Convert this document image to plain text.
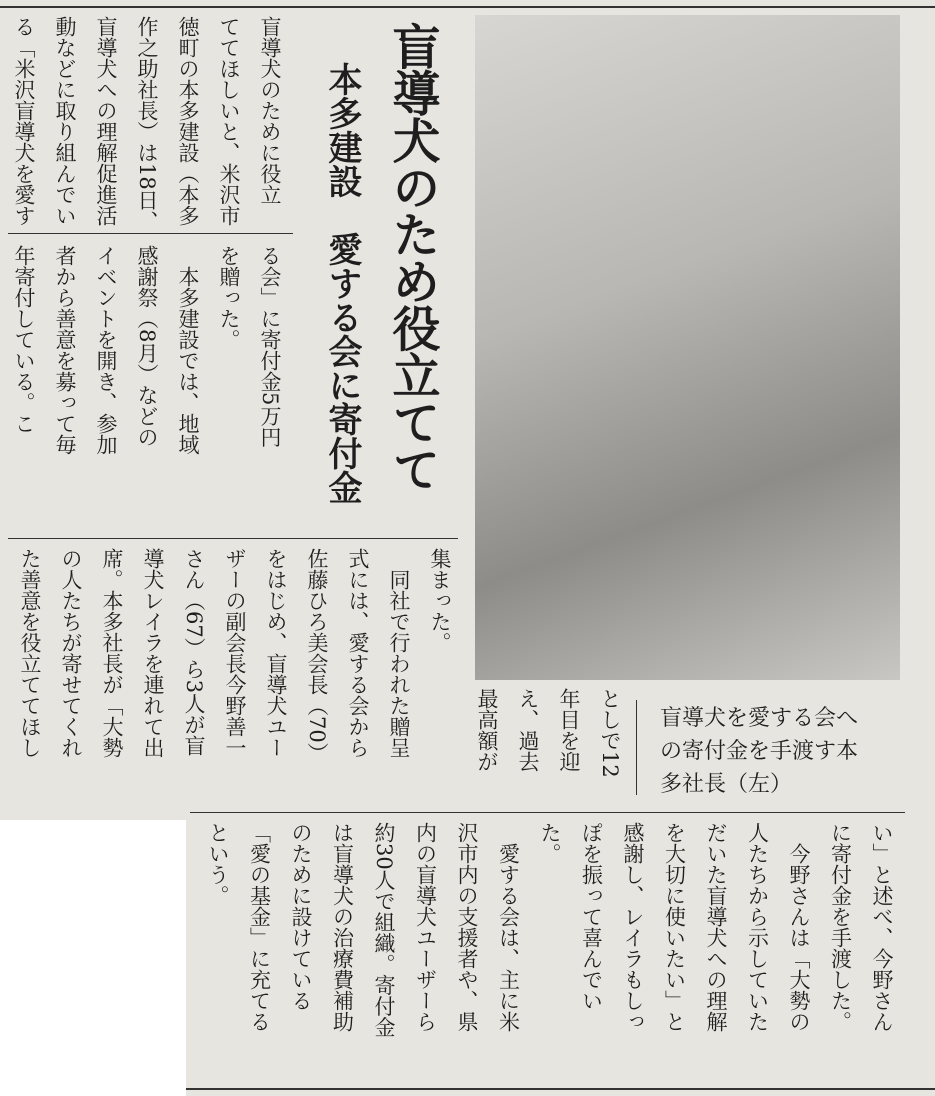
盲導犬のため役立てて
本多建設　愛する会に寄付金
盲導犬のために役立
ててほしいと、米沢市
徳町の本多建設（本多
作之助社長）は18日、
盲導犬への理解促進活
動などに取り組んでい
る「米沢盲導犬を愛す
る会」に寄付金5万円
を贈った。
　本多建設では、地域
感謝祭（8月）などの
イベントを開き、参加
者から善意を募って毎
年寄付している。こ
集まった。
　同社で行われた贈呈
式には、愛する会から
佐藤ひろ美会長（70）
をはじめ、盲導犬ユー
ザーの副会長今野善一
さん（67）ら3人が盲
導犬レイラを連れて出
席。本多社長が「大勢
の人たちが寄せてくれ
た善意を役立ててほし	としで12
年目を迎
え、過去
最高額が	盲導犬を愛する会へ
の寄付金を手渡す本
多社長（左）
い」と述べ、今野さん
に寄付金を手渡した。
　今野さんは「大勢の
人たちから示していた
だいた盲導犬への理解
を大切に使いたい」と
感謝し、レイラもしっ
ぽを振って喜んでい
た。
　愛する会は、主に米
沢市内の支援者や、県
内の盲導犬ユーザーら
約30人で組織。寄付金
は盲導犬の治療費補助
のために設けている
「愛の基金」に充てる
という。
